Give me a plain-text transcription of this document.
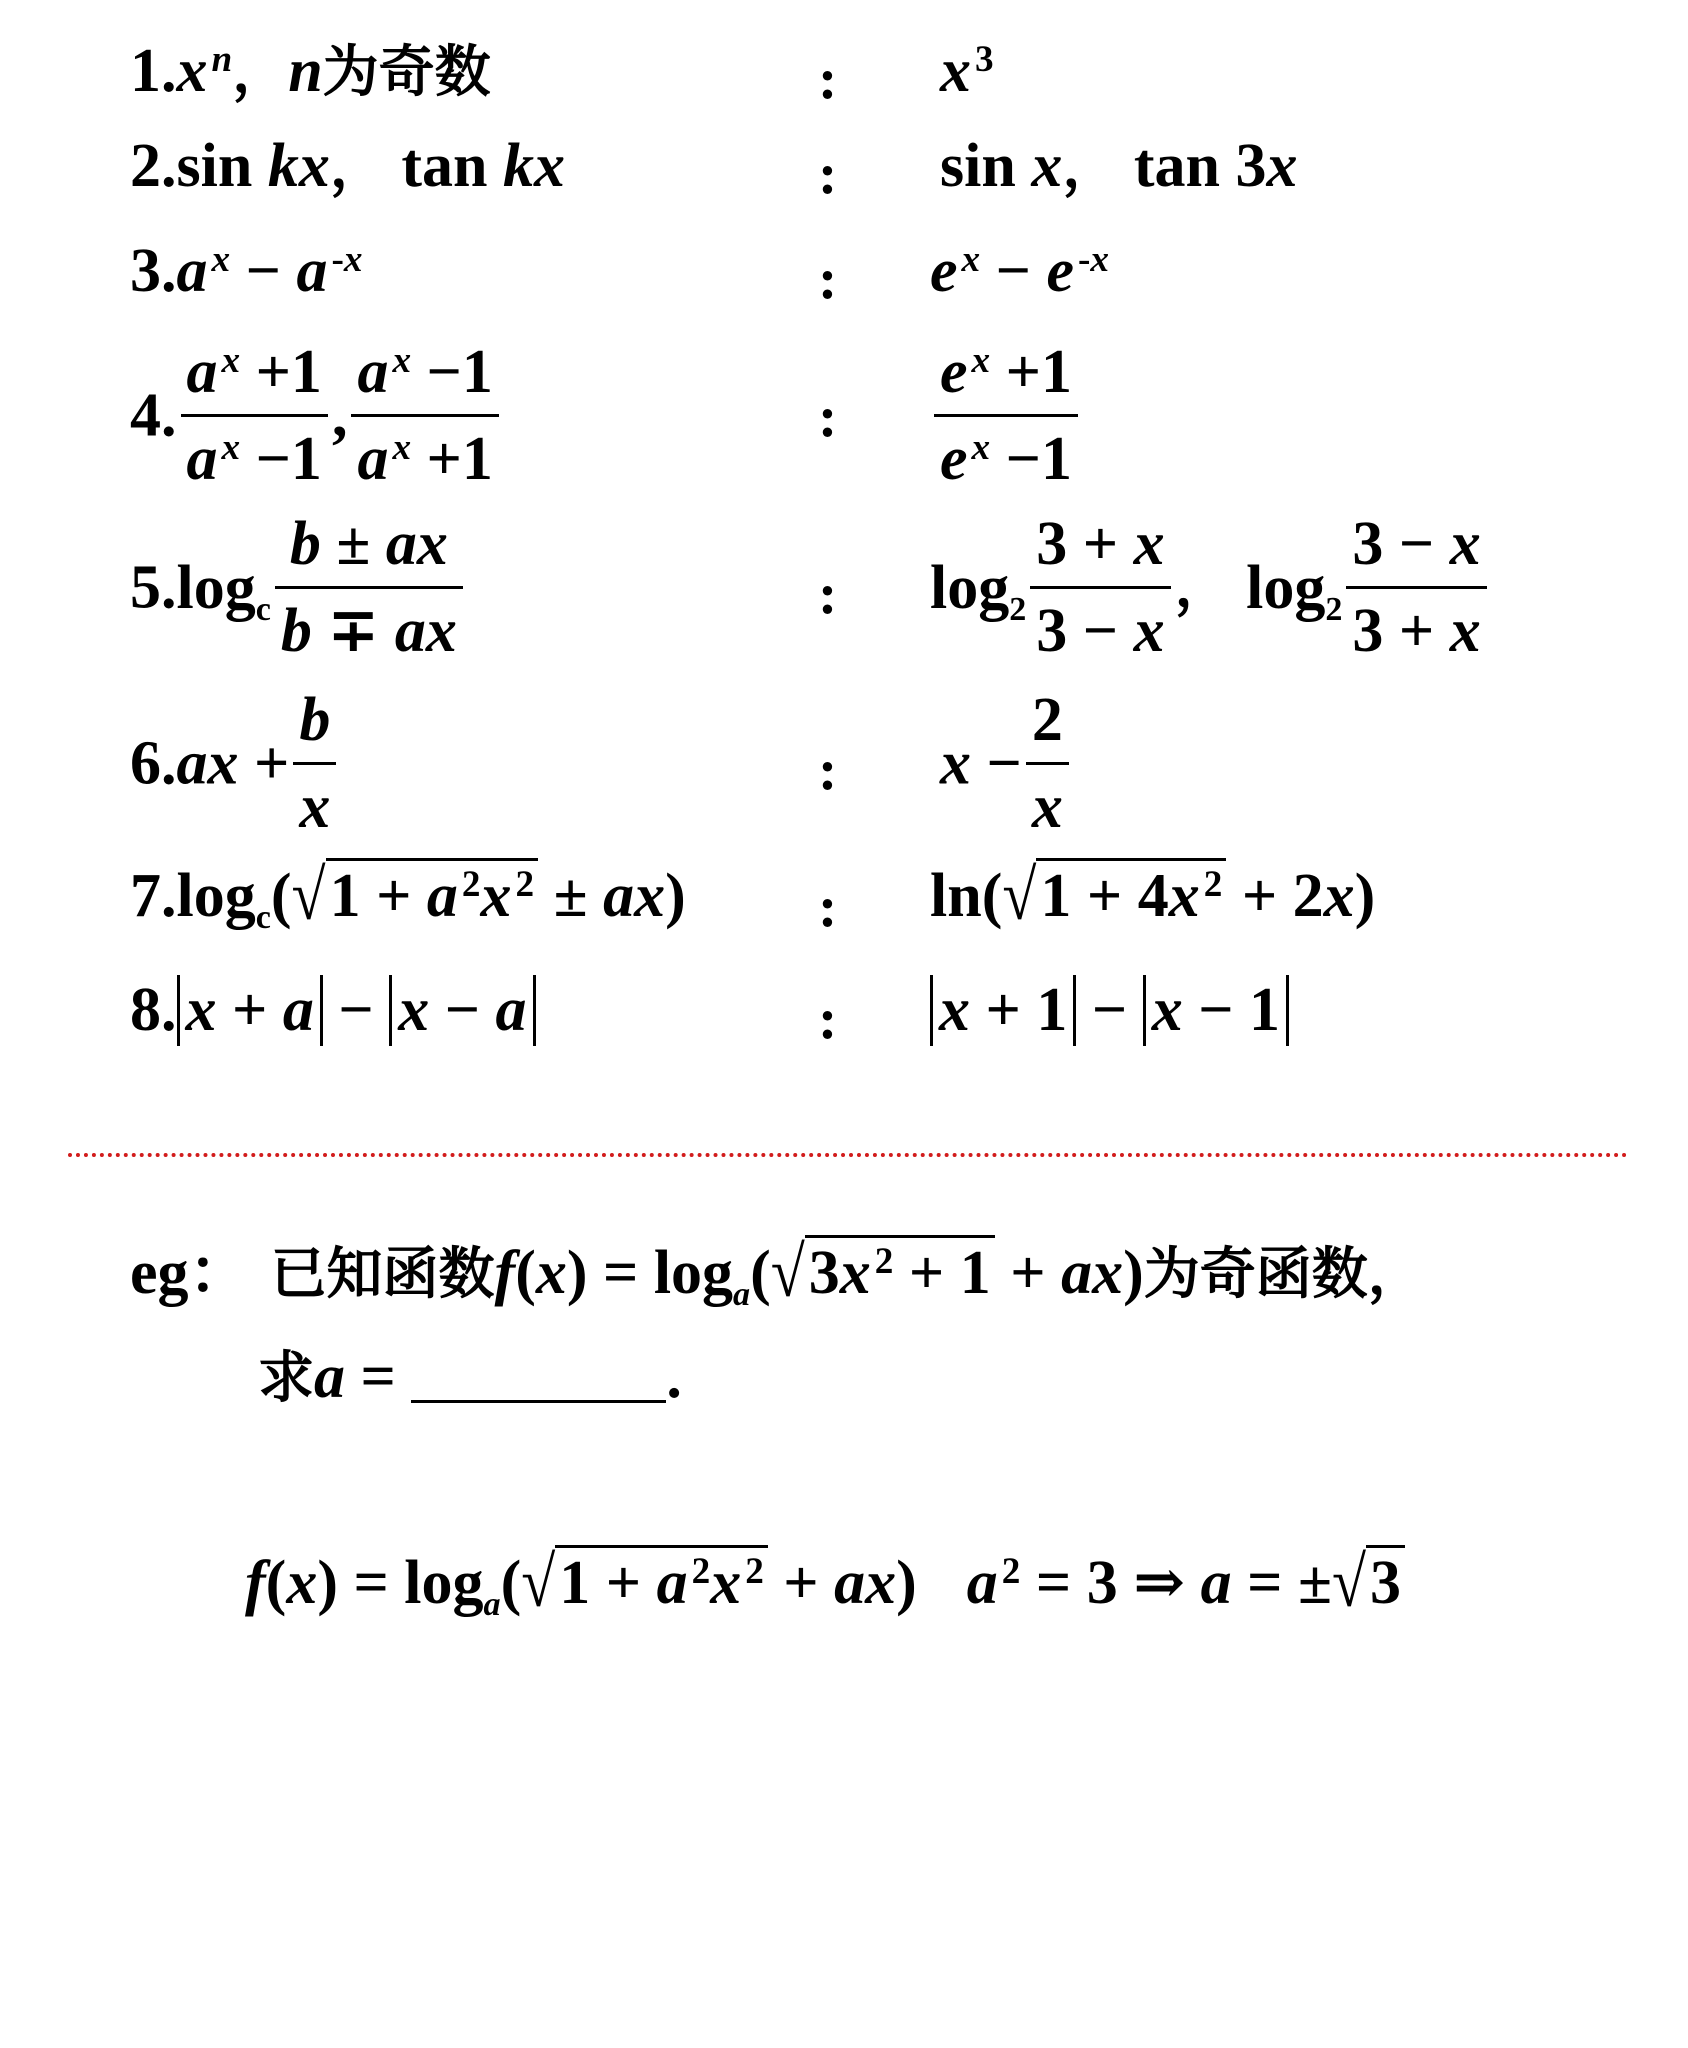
1.x $^n$，n为奇数	: x $^3$
2.sin kx， tan kx	: sin x， tan 3x
3.a $^x$ − a $^{-x}$	: e $^x$ − e $^{-x}$
4. $\frac{a ^x +1}{a ^x -1}$ , $\frac{a ^x -1}{a ^x +1}$	: $\frac{e ^x +1}{e ^x -1}$
$5.\log_c \frac{b \pm ax}{b \mp ax}$	: $\log_2 \frac{3 + x}{3 - x}$ ， $\log_2 \frac{3 - x}{3 + x}$
$6.ax + \frac{b}{x}$	: $x - \frac{2}{x}$
$7.\log_c(√1 + a$ $^2$x $^2$ ± ax) : ln(√1 + 4x $^2$ + 2x)
8. x + a − x − a	: x + 1 − x − 1
eg： 已知函数$f(x) = \log_a(√3x$ $^2$ + 1 + ax)为奇函数，
求a =	.
$f(x) = \log_a(√1 + a$ $^2$x $^2$ + ax) a $^2$ = 3 ⇒ a = ±√3
